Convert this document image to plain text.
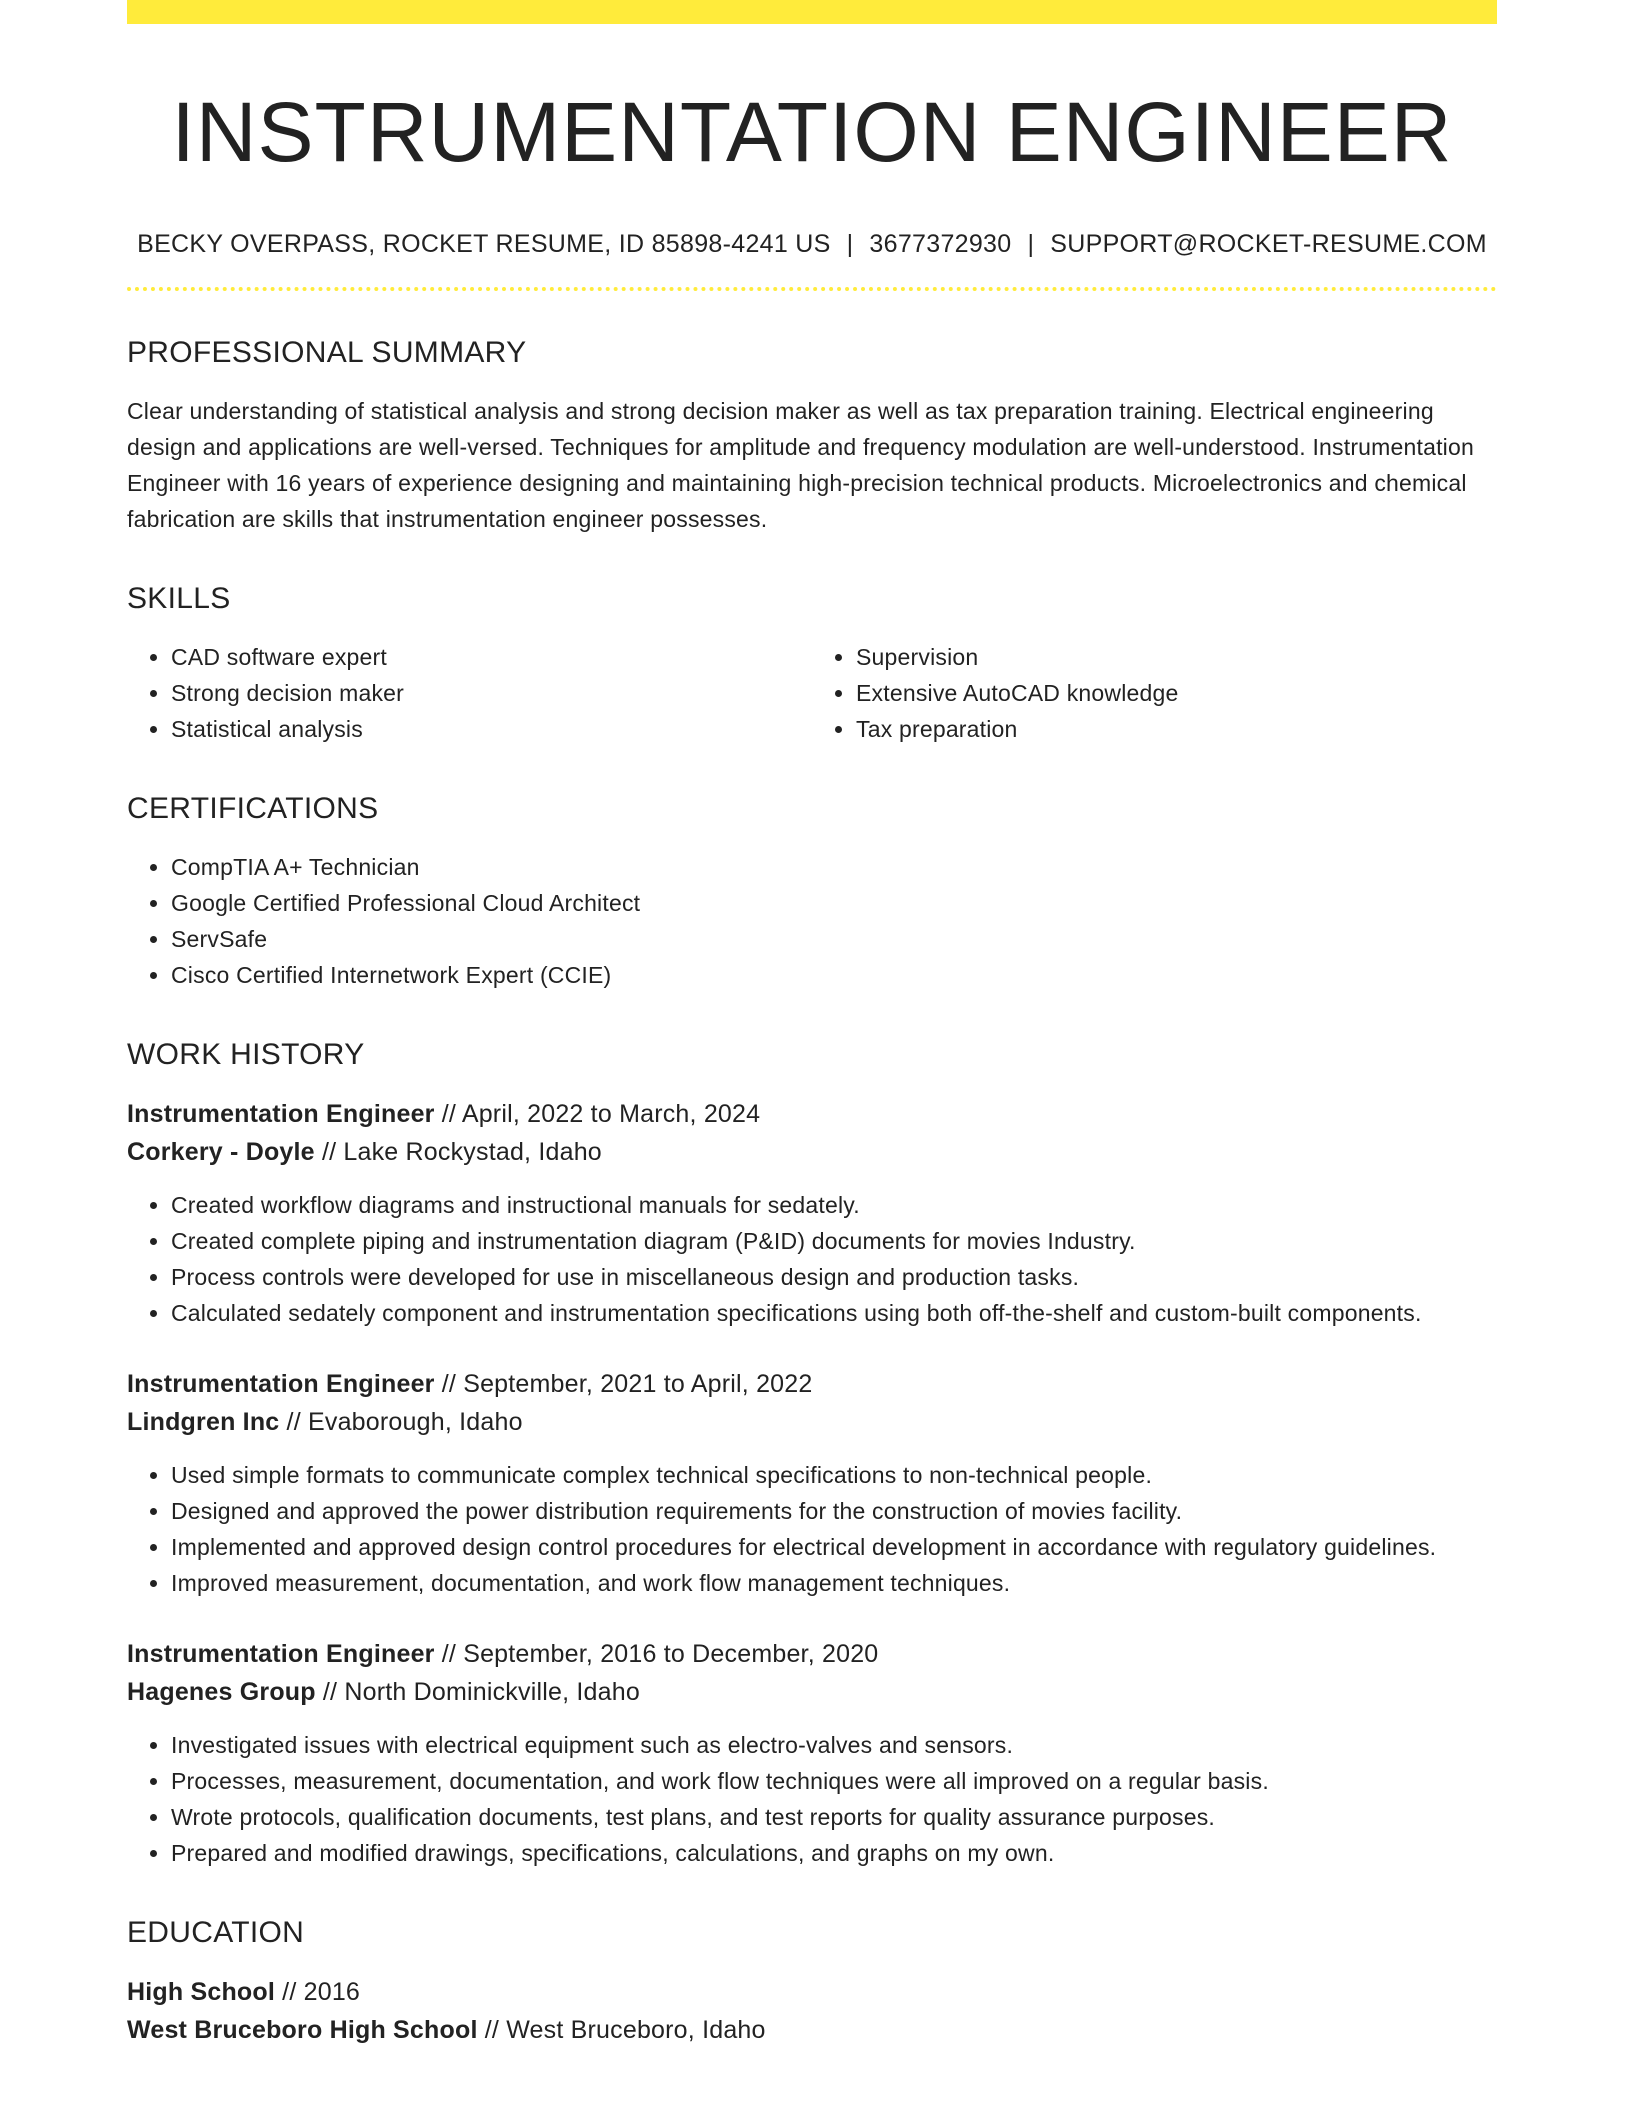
INSTRUMENTATION ENGINEER
BECKY OVERPASS, ROCKET RESUME, ID 85898-4241 US | 3677372930 | SUPPORT@ROCKET-RESUME.COM
PROFESSIONAL SUMMARY

Clear understanding of statistical analysis and strong decision maker as well as tax preparation training. Electrical engineering design and applications are well-versed. Techniques for amplitude and frequency modulation are well-understood. Instrumentation Engineer with 16 years of experience designing and maintaining high-precision technical products. Microelectronics and chemical fabrication are skills that instrumentation engineer possesses.

SKILLS
• CAD software expert
• Strong decision maker
• Statistical analysis
• Supervision
• Extensive AutoCAD knowledge
• Tax preparation
CERTIFICATIONS
• CompTIA A+ Technician
• Google Certified Professional Cloud Architect
• ServSafe
• Cisco Certified Internetwork Expert (CCIE)
WORK HISTORY
Instrumentation Engineer // April, 2022 to March, 2024
Corkery - Doyle // Lake Rockystad, Idaho
• Created workflow diagrams and instructional manuals for sedately.
• Created complete piping and instrumentation diagram (P&ID) documents for movies Industry.
• Process controls were developed for use in miscellaneous design and production tasks.
• Calculated sedately component and instrumentation specifications using both off-the-shelf and custom-built components.
Instrumentation Engineer // September, 2021 to April, 2022
Lindgren Inc // Evaborough, Idaho
• Used simple formats to communicate complex technical specifications to non-technical people.
• Designed and approved the power distribution requirements for the construction of movies facility.
• Implemented and approved design control procedures for electrical development in accordance with regulatory guidelines.
• Improved measurement, documentation, and work flow management techniques.
Instrumentation Engineer // September, 2016 to December, 2020
Hagenes Group // North Dominickville, Idaho
• Investigated issues with electrical equipment such as electro-valves and sensors.
• Processes, measurement, documentation, and work flow techniques were all improved on a regular basis.
• Wrote protocols, qualification documents, test plans, and test reports for quality assurance purposes.
• Prepared and modified drawings, specifications, calculations, and graphs on my own.
EDUCATION
High School // 2016
West Bruceboro High School // West Bruceboro, Idaho
